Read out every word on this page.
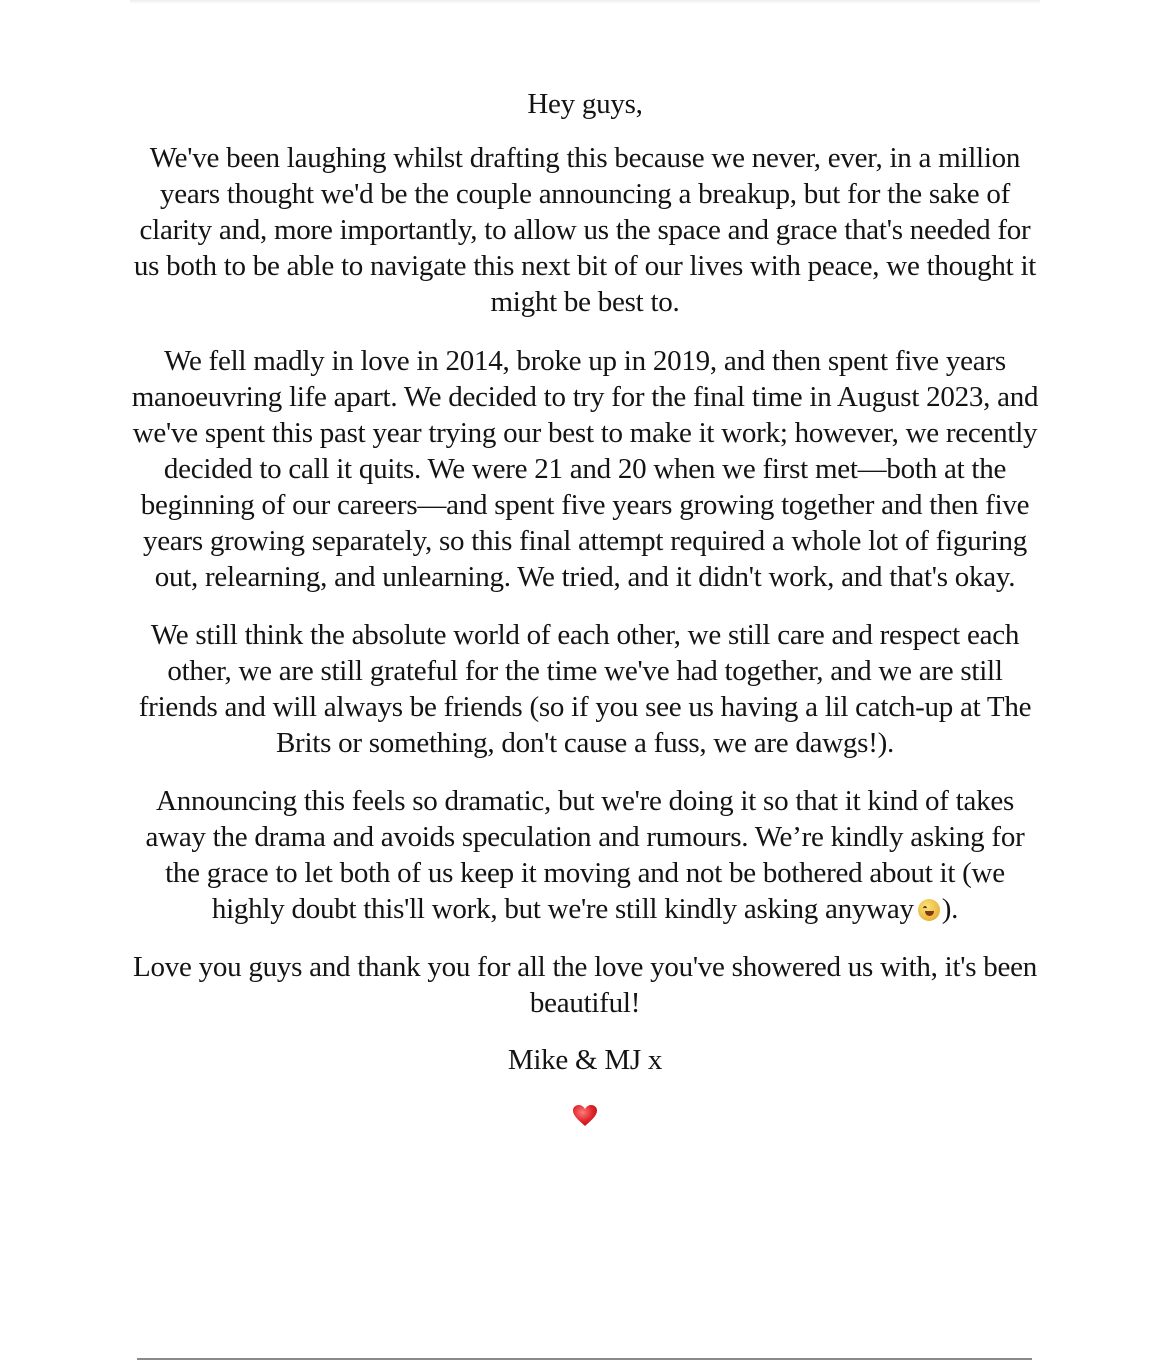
Hey guys,

We've been laughing whilst drafting this because we never, ever, in a million years thought we'd be the couple announcing a breakup, but for the sake of clarity and, more importantly, to allow us the space and grace that's needed for us both to be able to navigate this next bit of our lives with peace, we thought it might be best to.

We fell madly in love in 2014, broke up in 2019, and then spent five years manoeuvring life apart. We decided to try for the final time in August 2023, and we've spent this past year trying our best to make it work; however, we recently decided to call it quits. We were 21 and 20 when we first met—both at the beginning of our careers—and spent five years growing together and then five years growing separately, so this final attempt required a whole lot of figuring out, relearning, and unlearning. We tried, and it didn't work, and that's okay.

We still think the absolute world of each other, we still care and respect each other, we are still grateful for the time we've had together, and we are still friends and will always be friends (so if you see us having a lil catch-up at The Brits or something, don't cause a fuss, we are dawgs!).

Announcing this feels so dramatic, but we're doing it so that it kind of takes away the drama and avoids speculation and rumours. We’re kindly asking for the grace to let both of us keep it moving and not be bothered about it (we highly doubt this'll work, but we're still kindly asking anyway ).

Love you guys and thank you for all the love you've showered us with, it's been beautiful!

Mike & MJ x
